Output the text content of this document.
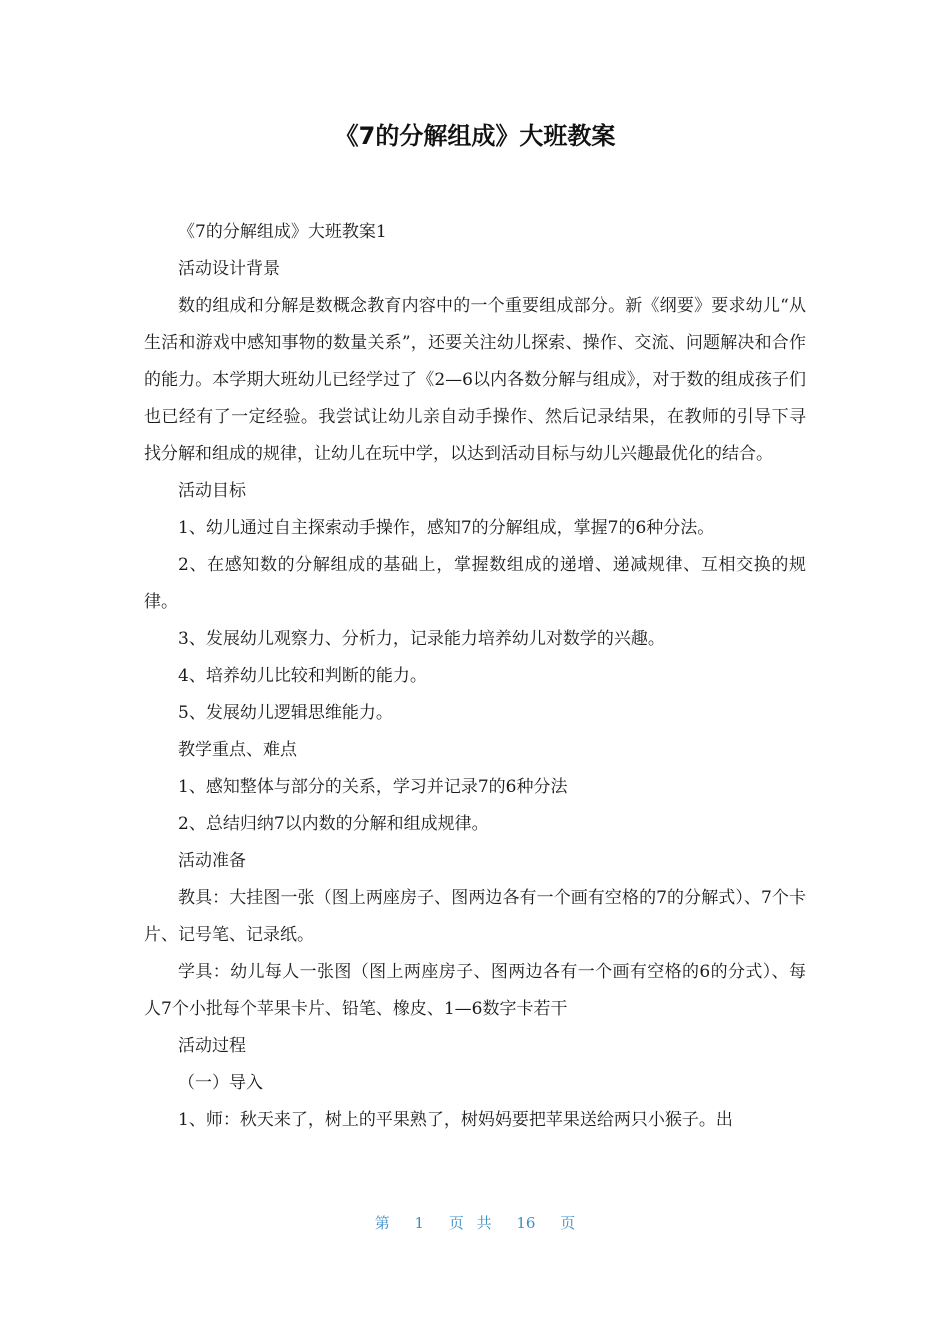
《7的分解组成》大班教案

《7的分解组成》大班教案1

活动设计背景

数的组成和分解是数概念教育内容中的一个重要组成部分。新《纲要》要求幼儿“从生活和游戏中感知事物的数量关系”，还要关注幼儿探索、操作、交流、问题解决和合作的能力。本学期大班幼儿已经学过了《2—6以内各数分解与组成》，对于数的组成孩子们也已经有了一定经验。我尝试让幼儿亲自动手操作、然后记录结果，在教师的引导下寻找分解和组成的规律，让幼儿在玩中学，以达到活动目标与幼儿兴趣最优化的结合。

活动目标

1、幼儿通过自主探索动手操作，感知7的分解组成，掌握7的6种分法。

2、在感知数的分解组成的基础上，掌握数组成的递增、递减规律、互相交换的规律。

3、发展幼儿观察力、分析力，记录能力培养幼儿对数学的兴趣。

4、培养幼儿比较和判断的能力。

5、发展幼儿逻辑思维能力。

教学重点、难点

1、感知整体与部分的关系，学习并记录7的6种分法

2、总结归纳7以内数的分解和组成规律。

活动准备

教具：大挂图一张（图上两座房子、图两边各有一个画有空格的7的分解式）、7个卡片、记号笔、记录纸。

学具：幼儿每人一张图（图上两座房子、图两边各有一个画有空格的6的分式）、每人7个小批每个苹果卡片、铅笔、橡皮、1—6数字卡若干

活动过程

（一）导入

1、师：秋天来了，树上的平果熟了，树妈妈要把苹果送给两只小猴子。出

第 1 页 共 16 页
